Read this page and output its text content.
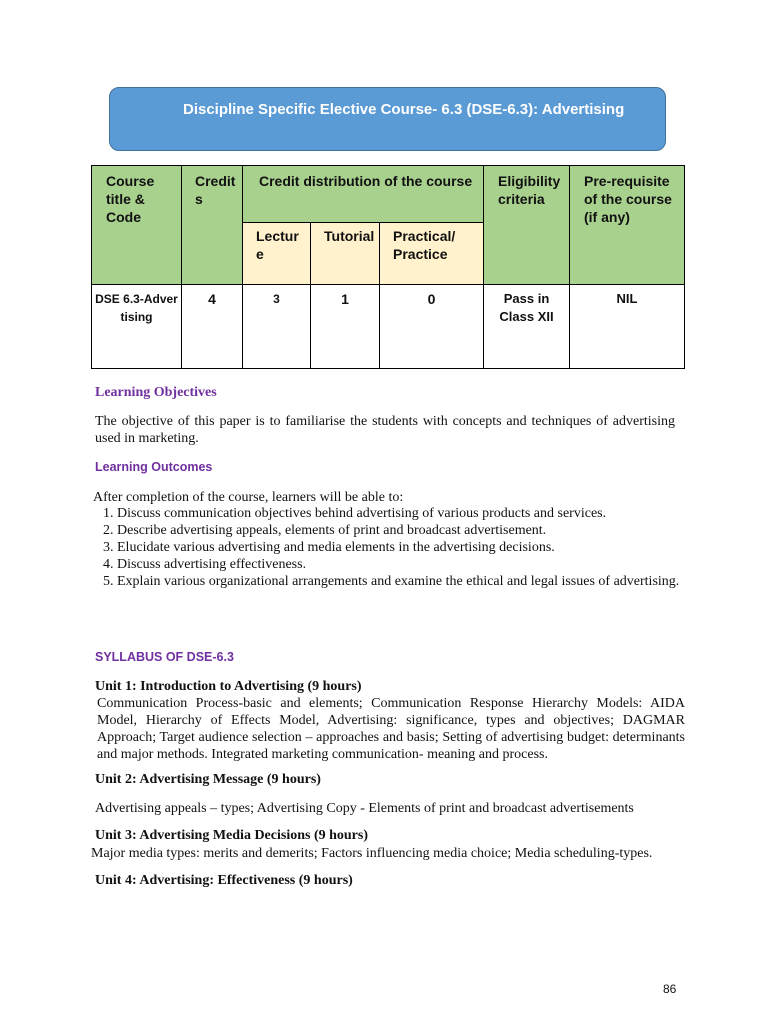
Discipline Specific Elective Course- 6.3 (DSE-6.3): Advertising
Course title & Code	Credits	Credit distribution of the course			Eligibility criteria	Pre-requisite of the course (if any)
		Lecture	Tutorial	Practical/ Practice		
DSE 6.3-Advertising	4	3	1	0	Pass in Class XII	NIL
Learning Objectives
The objective of this paper is to familiarise the students with concepts and techniques of advertising used in marketing.
Learning Outcomes
After completion of the course, learners will be able to:
1. Discuss communication objectives behind advertising of various products and services.
2. Describe advertising appeals, elements of print and broadcast advertisement.
3. Elucidate various advertising and media elements in the advertising decisions.
4. Discuss advertising effectiveness.
5. Explain various organizational arrangements and examine the ethical and legal issues of advertising.
SYLLABUS OF DSE-6.3
Unit 1: Introduction to Advertising (9 hours)
Communication Process-basic and elements; Communication Response Hierarchy Models: AIDA Model, Hierarchy of Effects Model, Advertising: significance, types and objectives; DAGMAR Approach; Target audience selection – approaches and basis; Setting of advertising budget: determinants and major methods. Integrated marketing communication- meaning and process.
Unit 2: Advertising Message (9 hours)
Advertising appeals – types; Advertising Copy - Elements of print and broadcast advertisements
Unit 3: Advertising Media Decisions (9 hours)
Major media types: merits and demerits; Factors influencing media choice; Media scheduling-types.
Unit 4: Advertising: Effectiveness (9 hours)
86
